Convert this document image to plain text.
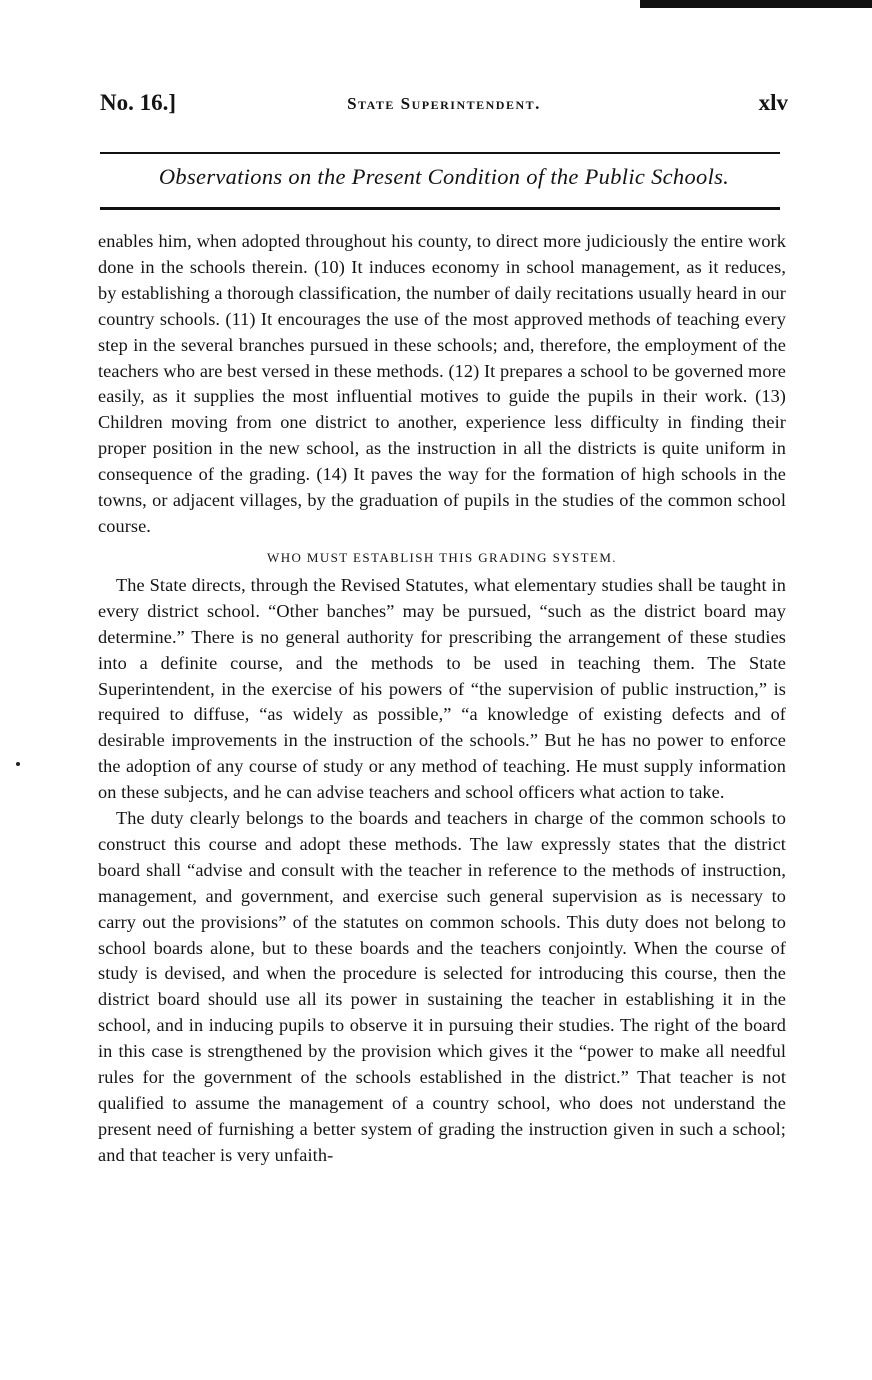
No. 16.]	State Superintendent.	xlv
Observations on the Present Condition of the Public Schools.

enables him, when adopted throughout his county, to direct more judiciously the entire work done in the schools therein. (10) It induces economy in school management, as it reduces, by establishing a thorough classification, the number of daily recitations usually heard in our country schools. (11) It encourages the use of the most approved methods of teaching every step in the several branches pursued in these schools; and, therefore, the employment of the teachers who are best versed in these methods. (12) It prepares a school to be governed more easily, as it supplies the most influential motives to guide the pupils in their work. (13) Children moving from one district to another, experience less difficulty in finding their proper position in the new school, as the instruction in all the districts is quite uniform in consequence of the grading. (14) It paves the way for the formation of high schools in the towns, or adjacent villages, by the graduation of pupils in the studies of the common school course.

WHO MUST ESTABLISH THIS GRADING SYSTEM.

The State directs, through the Revised Statutes, what elementary studies shall be taught in every district school. “Other banches” may be pursued, “such as the district board may determine.” There is no general authority for prescribing the arrangement of these studies into a definite course, and the methods to be used in teaching them. The State Superintendent, in the exercise of his powers of “the supervision of public instruction,” is required to diffuse, “as widely as possible,” “a knowledge of existing defects and of desirable improvements in the instruction of the schools.” But he has no power to enforce the adoption of any course of study or any method of teaching. He must supply information on these subjects, and he can advise teachers and school officers what action to take.

The duty clearly belongs to the boards and teachers in charge of the common schools to construct this course and adopt these methods. The law expressly states that the district board shall “advise and consult with the teacher in reference to the methods of instruction, management, and government, and exercise such general supervision as is necessary to carry out the provisions” of the statutes on common schools. This duty does not belong to school boards alone, but to these boards and the teachers conjointly. When the course of study is devised, and when the procedure is selected for introducing this course, then the district board should use all its power in sustaining the teacher in establishing it in the school, and in inducing pupils to observe it in pursuing their studies. The right of the board in this case is strengthened by the provision which gives it the “power to make all needful rules for the government of the schools established in the district.” That teacher is not qualified to assume the management of a country school, who does not understand the present need of furnishing a better system of grading the instruction given in such a school; and that teacher is very unfaith-
